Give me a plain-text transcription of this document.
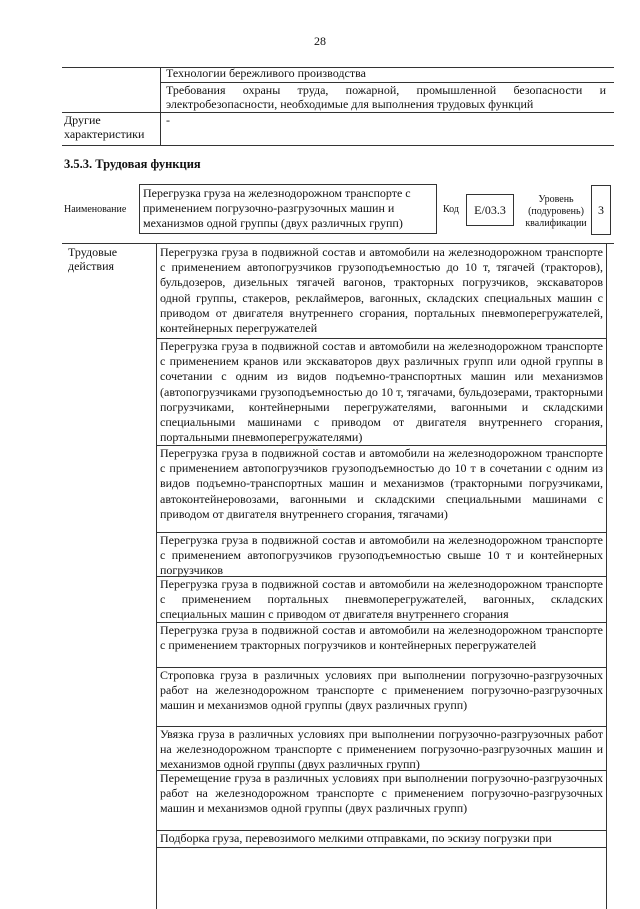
28
Технологии бережливого производства
Требования охраны труда, пожарной, промышленной безопасности и электробезопасности, необходимые для выполнения трудовых функций
Другие характеристики
-
3.5.3. Трудовая функция
Наименование
Перегрузка груза на железнодорожном транспорте с применением погрузочно-разгрузочных машин и механизмов одной группы (двух различных групп)
Код	E/03.3
Уровень (подуровень) квалификации
3
Трудовые действия
Перегрузка груза в подвижной состав и автомобили на железнодорожном транспорте с применением автопогрузчиков грузоподъемностью до 10 т, тягачей (тракторов), бульдозеров, дизельных тягачей вагонов, тракторных погрузчиков, экскаваторов одной группы, стакеров, реклаймеров, вагонных, складских специальных машин с приводом от двигателя внутреннего сгорания, портальных пневмоперегружателей, контейнерных перегружателей
Перегрузка груза в подвижной состав и автомобили на железнодорожном транспорте с применением кранов или экскаваторов двух различных групп или одной группы в сочетании с одним из видов подъемно-транспортных машин или механизмов (автопогрузчиками грузоподъемностью до 10 т, тягачами, бульдозерами, тракторными погрузчиками, контейнерными перегружателями, вагонными и складскими специальными машинами с приводом от двигателя внутреннего сгорания, портальными пневмоперегружателями)
Перегрузка груза в подвижной состав и автомобили на железнодорожном транспорте с применением автопогрузчиков грузоподъемностью до 10 т в сочетании с одним из видов подъемно-транспортных машин и механизмов (тракторными погрузчиками, автоконтейнеровозами, вагонными и складскими специальными машинами с приводом от двигателя внутреннего сгорания, тягачами)
Перегрузка груза в подвижной состав и автомобили на железнодорожном транспорте с применением автопогрузчиков грузоподъемностью свыше 10 т и контейнерных погрузчиков
Перегрузка груза в подвижной состав и автомобили на железнодорожном транспорте с применением портальных пневмоперегружателей, вагонных, складских специальных машин с приводом от двигателя внутреннего сгорания
Перегрузка груза в подвижной состав и автомобили на железнодорожном транспорте с применением тракторных погрузчиков и контейнерных перегружателей
Строповка груза в различных условиях при выполнении погрузочно-разгрузочных работ на железнодорожном транспорте с применением погрузочно-разгрузочных машин и механизмов одной группы (двух различных групп)
Увязка груза в различных условиях при выполнении погрузочно-разгрузочных работ на железнодорожном транспорте с применением погрузочно-разгрузочных машин и механизмов одной группы (двух различных групп)
Перемещение груза в различных условиях при выполнении погрузочно-разгрузочных работ на железнодорожном транспорте с применением погрузочно-разгрузочных машин и механизмов одной группы (двух различных групп)
Подборка груза, перевозимого мелкими отправками, по эскизу погрузки при
